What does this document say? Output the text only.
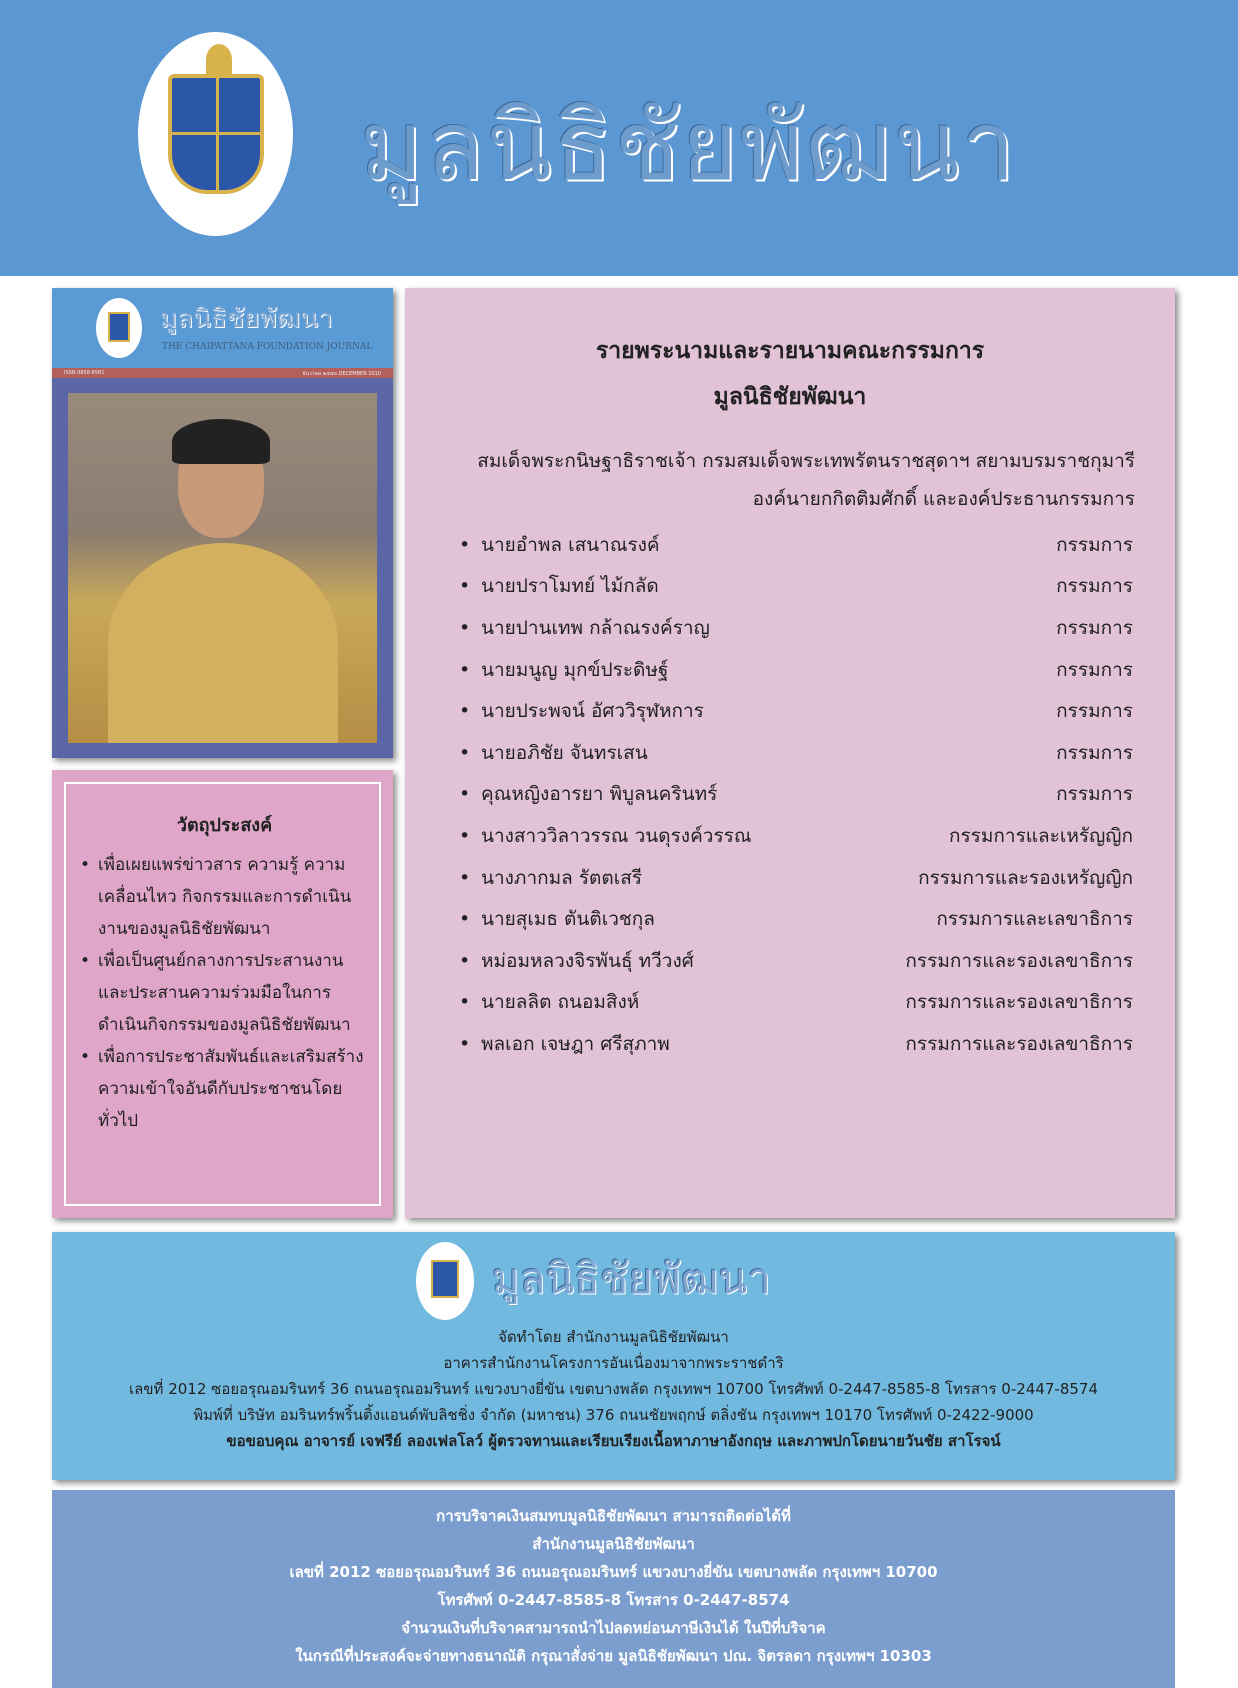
มูลนิธิชัยพัฒนา
มูลนิธิชัยพัฒนา
THE CHAIPATTANA FOUNDATION JOURNAL
ISSN 0858-8581	ธันวาคม ๒๕๕๓ DECEMBER 2010
วัตถุประสงค์
• เพื่อเผยแพร่ข่าวสาร ความรู้ ความเคลื่อนไหว กิจกรรมและการดำเนินงานของมูลนิธิชัยพัฒนา
• เพื่อเป็นศูนย์กลางการประสานงานและประสานความร่วมมือในการดำเนินกิจกรรมของมูลนิธิชัยพัฒนา
• เพื่อการประชาสัมพันธ์และเสริมสร้างความเข้าใจอันดีกับประชาชนโดยทั่วไป
รายพระนามและรายนามคณะกรรมการ
มูลนิธิชัยพัฒนา
สมเด็จพระกนิษฐาธิราชเจ้า กรมสมเด็จพระเทพรัตนราชสุดาฯ สยามบรมราชกุมารี
องค์นายกกิตติมศักดิ์ และองค์ประธานกรรมการ
• นายอำพล เสนาณรงค์	กรรมการ
• นายปราโมทย์ ไม้กลัด	กรรมการ
• นายปานเทพ กล้าณรงค์ราญ	กรรมการ
• นายมนูญ มุกข์ประดิษฐ์	กรรมการ
• นายประพจน์ อัศววิรุฬหการ	กรรมการ
• นายอภิชัย จันทรเสน	กรรมการ
• คุณหญิงอารยา พิบูลนครินทร์	กรรมการ
• นางสาววิลาวรรณ วนดุรงค์วรรณ	กรรมการและเหรัญญิก
• นางภากมล รัตตเสรี	กรรมการและรองเหรัญญิก
• นายสุเมธ ตันติเวชกุล	กรรมการและเลขาธิการ
• หม่อมหลวงจิรพันธุ์ ทวีวงศ์	กรรมการและรองเลขาธิการ
• นายลลิต ถนอมสิงห์	กรรมการและรองเลขาธิการ
• พลเอก เจษฎา ศรีสุภาพ	กรรมการและรองเลขาธิการ
มูลนิธิชัยพัฒนา
จัดทำโดย สำนักงานมูลนิธิชัยพัฒนา
อาคารสำนักงานโครงการอันเนื่องมาจากพระราชดำริ
เลขที่ 2012 ซอยอรุณอมรินทร์ 36 ถนนอรุณอมรินทร์ แขวงบางยี่ขัน เขตบางพลัด กรุงเทพฯ 10700 โทรศัพท์ 0-2447-8585-8 โทรสาร 0-2447-8574
พิมพ์ที่ บริษัท อมรินทร์พริ้นติ้งแอนด์พับลิชชิ่ง จำกัด (มหาชน) 376 ถนนชัยพฤกษ์ ตลิ่งชัน กรุงเทพฯ 10170 โทรศัพท์ 0-2422-9000
ขอขอบคุณ อาจารย์ เจฟรีย์ ลองเฟลโลว์ ผู้ตรวจทานและเรียบเรียงเนื้อหาภาษาอังกฤษ และภาพปกโดยนายวันชัย สาโรจน์
การบริจาคเงินสมทบมูลนิธิชัยพัฒนา สามารถติดต่อได้ที่
สำนักงานมูลนิธิชัยพัฒนา
เลขที่ 2012 ซอยอรุณอมรินทร์ 36 ถนนอรุณอมรินทร์ แขวงบางยี่ขัน เขตบางพลัด กรุงเทพฯ 10700
โทรศัพท์ 0-2447-8585-8 โทรสาร 0-2447-8574
จำนวนเงินที่บริจาคสามารถนำไปลดหย่อนภาษีเงินได้ ในปีที่บริจาค
ในกรณีที่ประสงค์จะจ่ายทางธนาณัติ กรุณาสั่งจ่าย มูลนิธิชัยพัฒนา ปณ. จิตรลดา กรุงเทพฯ 10303
